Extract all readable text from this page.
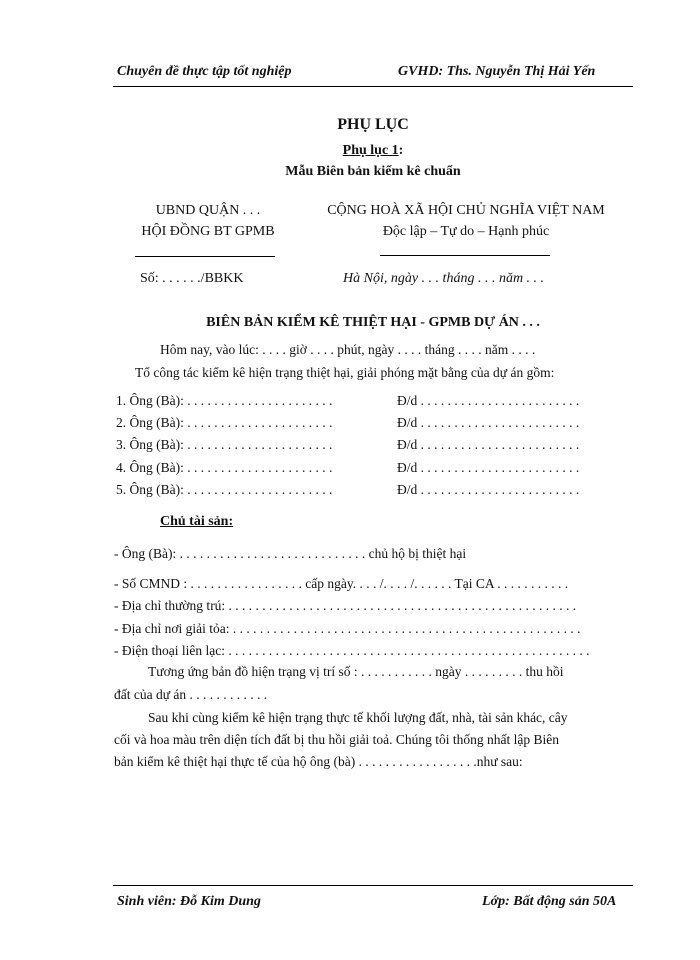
Chuyên đề thực tập tốt nghiệp	GVHD: Ths. Nguyễn Thị Hải Yến
PHỤ LỤC
Phụ lục 1:
Mẫu Biên bản kiểm kê chuẩn
UBND QUẬN . . .
HỘI ĐỒNG BT GPMB
CỘNG HOÀ XÃ HỘI CHỦ NGHĨA VIỆT NAM
Độc lập – Tự do – Hạnh phúc
Số: . . . . . ./BBKK	Hà Nội, ngày . . . tháng . . . năm . . .
BIÊN BẢN KIỂM KÊ THIỆT HẠI - GPMB DỰ ÁN . . .
Hôm nay, vào lúc: . . . . giờ . . . . phút, ngày . . . . tháng . . . . năm . . . .
Tổ công tác kiểm kê hiện trạng thiệt hại, giải phóng mặt bằng của dự án gồm:
1. Ông (Bà): . . . . . . . . . . . . . . . . . . . . . .	Đ/d . . . . . . . . . . . . . . . . . . . . . . . .
2. Ông (Bà): . . . . . . . . . . . . . . . . . . . . . .	Đ/d . . . . . . . . . . . . . . . . . . . . . . . .
3. Ông (Bà): . . . . . . . . . . . . . . . . . . . . . .	Đ/d . . . . . . . . . . . . . . . . . . . . . . . .
4. Ông (Bà): . . . . . . . . . . . . . . . . . . . . . .	Đ/d . . . . . . . . . . . . . . . . . . . . . . . .
5. Ông (Bà): . . . . . . . . . . . . . . . . . . . . . .	Đ/d . . . . . . . . . . . . . . . . . . . . . . . .
Chủ tài sản:
- Ông (Bà): . . . . . . . . . . . . . . . . . . . . . . . . . . . . chủ hộ bị thiệt hại
- Số CMND : . . . . . . . . . . . . . . . . . cấp ngày. . . . /. . . . /. . . . . . Tại CA . . . . . . . . . . .
- Địa chỉ thường trú: . . . . . . . . . . . . . . . . . . . . . . . . . . . . . . . . . . . . . . . . . . . . . . . . . . . .
- Địa chỉ nơi giải tỏa: . . . . . . . . . . . . . . . . . . . . . . . . . . . . . . . . . . . . . . . . . . . . . . . . . . . .
- Điện thoại liên lạc: . . . . . . . . . . . . . . . . . . . . . . . . . . . . . . . . . . . . . . . . . . . . . . . . . . . . . .
Tương ứng bản đồ hiện trạng vị trí số : . . . . . . . . . . . ngày . . . . . . . . . thu hồi
đất của dự án . . . . . . . . . . . .
Sau khi cùng kiểm kê hiện trạng thực tế khối lượng đất, nhà, tài sản khác, cây
cối và hoa màu trên diện tích đất bị thu hồi giải toả. Chúng tôi thống nhất lập Biên
bản kiểm kê thiệt hại thực tế của hộ ông (bà) . . . . . . . . . . . . . . . . . .như sau:
Sinh viên: Đỗ Kim Dung	Lớp: Bất động sản 50A
